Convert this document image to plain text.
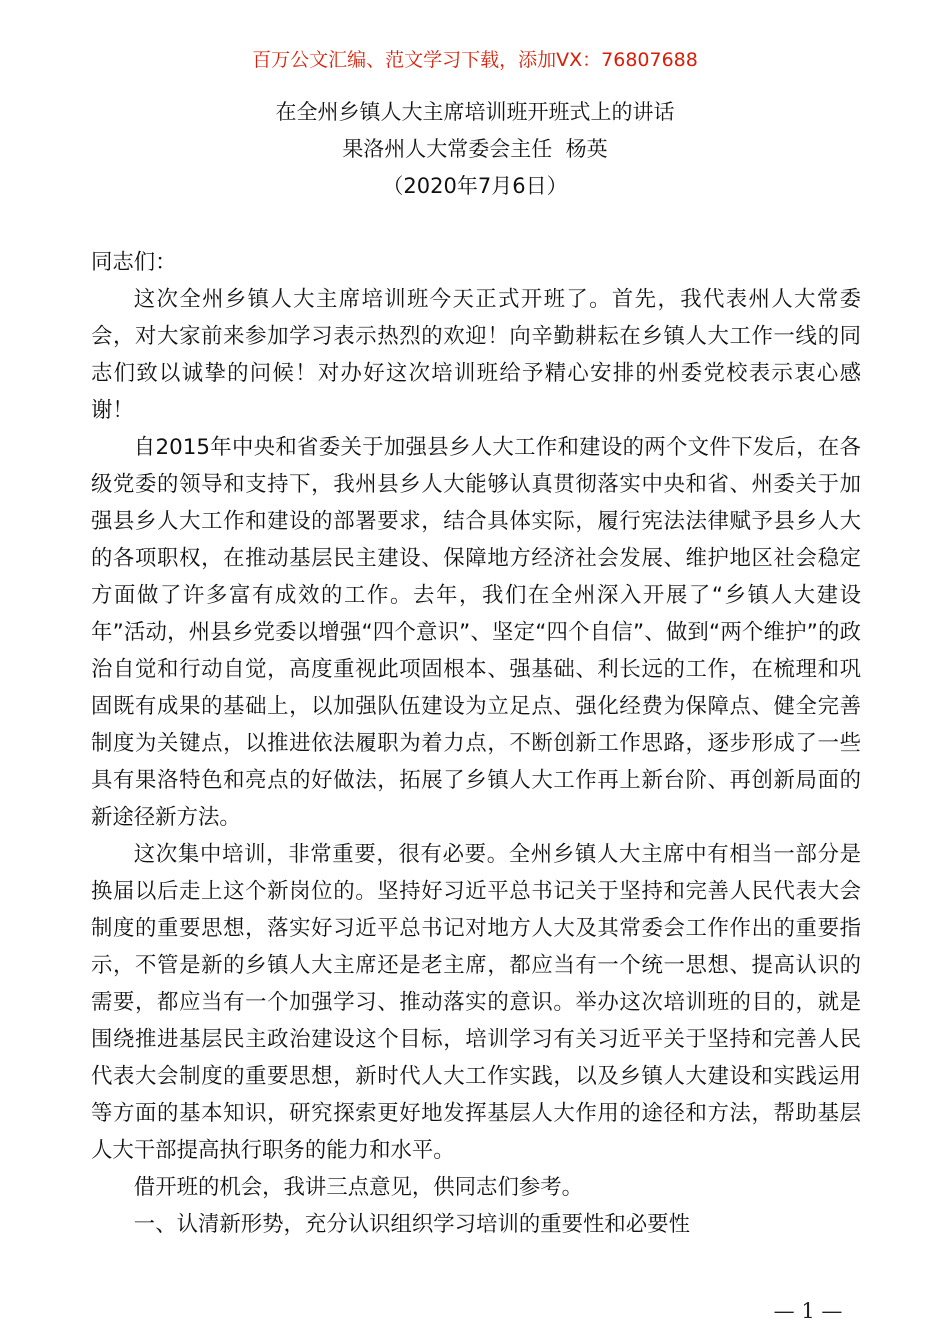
百万公文汇编、范文学习下载，添加VX：76807688
在全州乡镇人大主席培训班开班式上的讲话
果洛州人大常委会主任  杨英
（2020年7月6日）

同志们：

这次全州乡镇人大主席培训班今天正式开班了。首先，我代表州人大常委会，对大家前来参加学习表示热烈的欢迎！向辛勤耕耘在乡镇人大工作一线的同志们致以诚挚的问候！对办好这次培训班给予精心安排的州委党校表示衷心感谢！

自2015年中央和省委关于加强县乡人大工作和建设的两个文件下发后，在各级党委的领导和支持下，我州县乡人大能够认真贯彻落实中央和省、州委关于加强县乡人大工作和建设的部署要求，结合具体实际，履行宪法法律赋予县乡人大的各项职权，在推动基层民主建设、保障地方经济社会发展、维护地区社会稳定方面做了许多富有成效的工作。去年，我们在全州深入开展了“乡镇人大建设年”活动，州县乡党委以增强“四个意识”、坚定“四个自信”、做到“两个维护”的政治自觉和行动自觉，高度重视此项固根本、强基础、利长远的工作，在梳理和巩固既有成果的基础上，以加强队伍建设为立足点、强化经费为保障点、健全完善制度为关键点，以推进依法履职为着力点，不断创新工作思路，逐步形成了一些具有果洛特色和亮点的好做法，拓展了乡镇人大工作再上新台阶、再创新局面的新途径新方法。

这次集中培训，非常重要，很有必要。全州乡镇人大主席中有相当一部分是换届以后走上这个新岗位的。坚持好习近平总书记关于坚持和完善人民代表大会制度的重要思想，落实好习近平总书记对地方人大及其常委会工作作出的重要指示，不管是新的乡镇人大主席还是老主席，都应当有一个统一思想、提高认识的需要，都应当有一个加强学习、推动落实的意识。举办这次培训班的目的，就是围绕推进基层民主政治建设这个目标，培训学习有关习近平关于坚持和完善人民代表大会制度的重要思想，新时代人大工作实践，以及乡镇人大建设和实践运用等方面的基本知识，研究探索更好地发挥基层人大作用的途径和方法，帮助基层人大干部提高执行职务的能力和水平。

借开班的机会，我讲三点意见，供同志们参考。

一、认清新形势，充分认识组织学习培训的重要性和必要性

— 1 —
